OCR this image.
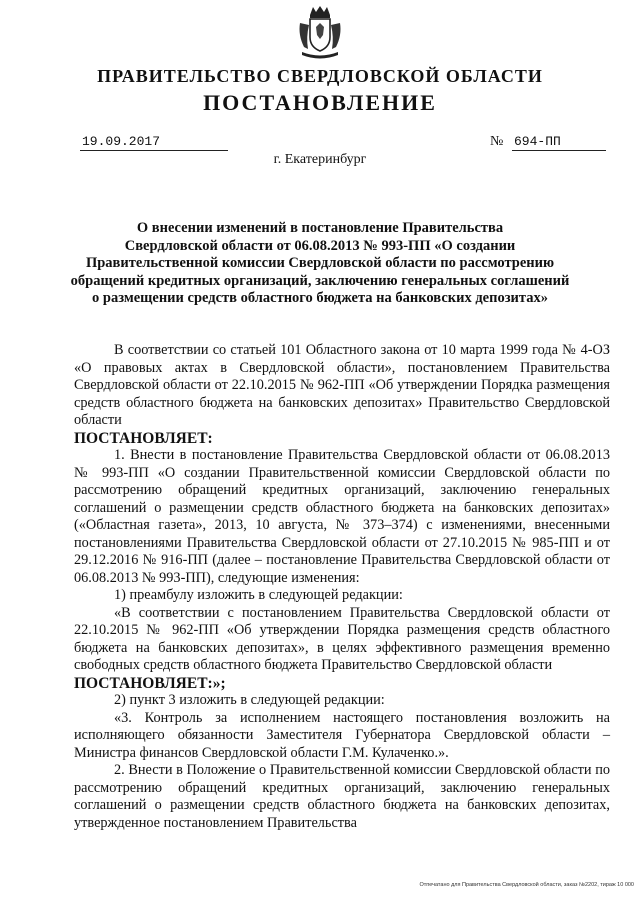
ПРАВИТЕЛЬСТВО СВЕРДЛОВСКОЙ ОБЛАСТИ
ПОСТАНОВЛЕНИЕ
19.09.2017	№ 694-ПП
г. Екатеринбург
О внесении изменений в постановление Правительства
Свердловской области от 06.08.2013 № 993-ПП «О создании
Правительственной комиссии Свердловской области по рассмотрению
обращений кредитных организаций, заключению генеральных соглашений
о размещении средств областного бюджета на банковских депозитах»

В соответствии со статьей 101 Областного закона от 10 марта 1999 года № 4-ОЗ «О правовых актах в Свердловской области», постановлением Правительства Свердловской области от 22.10.2015 № 962-ПП «Об утверждении Порядка размещения средств областного бюджета на банковских депозитах» Правительство Свердловской области

ПОСТАНОВЛЯЕТ:

1. Внести в постановление Правительства Свердловской области от 06.08.2013 № 993-ПП «О создании Правительственной комиссии Свердловской области по рассмотрению обращений кредитных организаций, заключению генеральных соглашений о размещении средств областного бюджета на банковских депозитах» («Областная газета», 2013, 10 августа, № 373–374) с изменениями, внесенными постановлениями Правительства Свердловской области от 27.10.2015 № 985-ПП и от 29.12.2016 № 916-ПП (далее – постановление Правительства Свердловской области от 06.08.2013 № 993-ПП), следующие изменения:

1) преамбулу изложить в следующей редакции:

«В соответствии с постановлением Правительства Свердловской области от 22.10.2015 № 962-ПП «Об утверждении Порядка размещения средств областного бюджета на банковских депозитах», в целях эффективного размещения временно свободных средств областного бюджета Правительство Свердловской области

ПОСТАНОВЛЯЕТ:»;

2) пункт 3 изложить в следующей редакции:

«3. Контроль за исполнением настоящего постановления возложить на исполняющего обязанности Заместителя Губернатора Свердловской области – Министра финансов Свердловской области Г.М. Кулаченко.».

2. Внести в Положение о Правительственной комиссии Свердловской области по рассмотрению обращений кредитных организаций, заключению генеральных соглашений о размещении средств областного бюджета на банковских депозитах, утвержденное постановлением Правительства

Отпечатано для Правительства Свердловской области, заказ №2202, тираж 10 000
